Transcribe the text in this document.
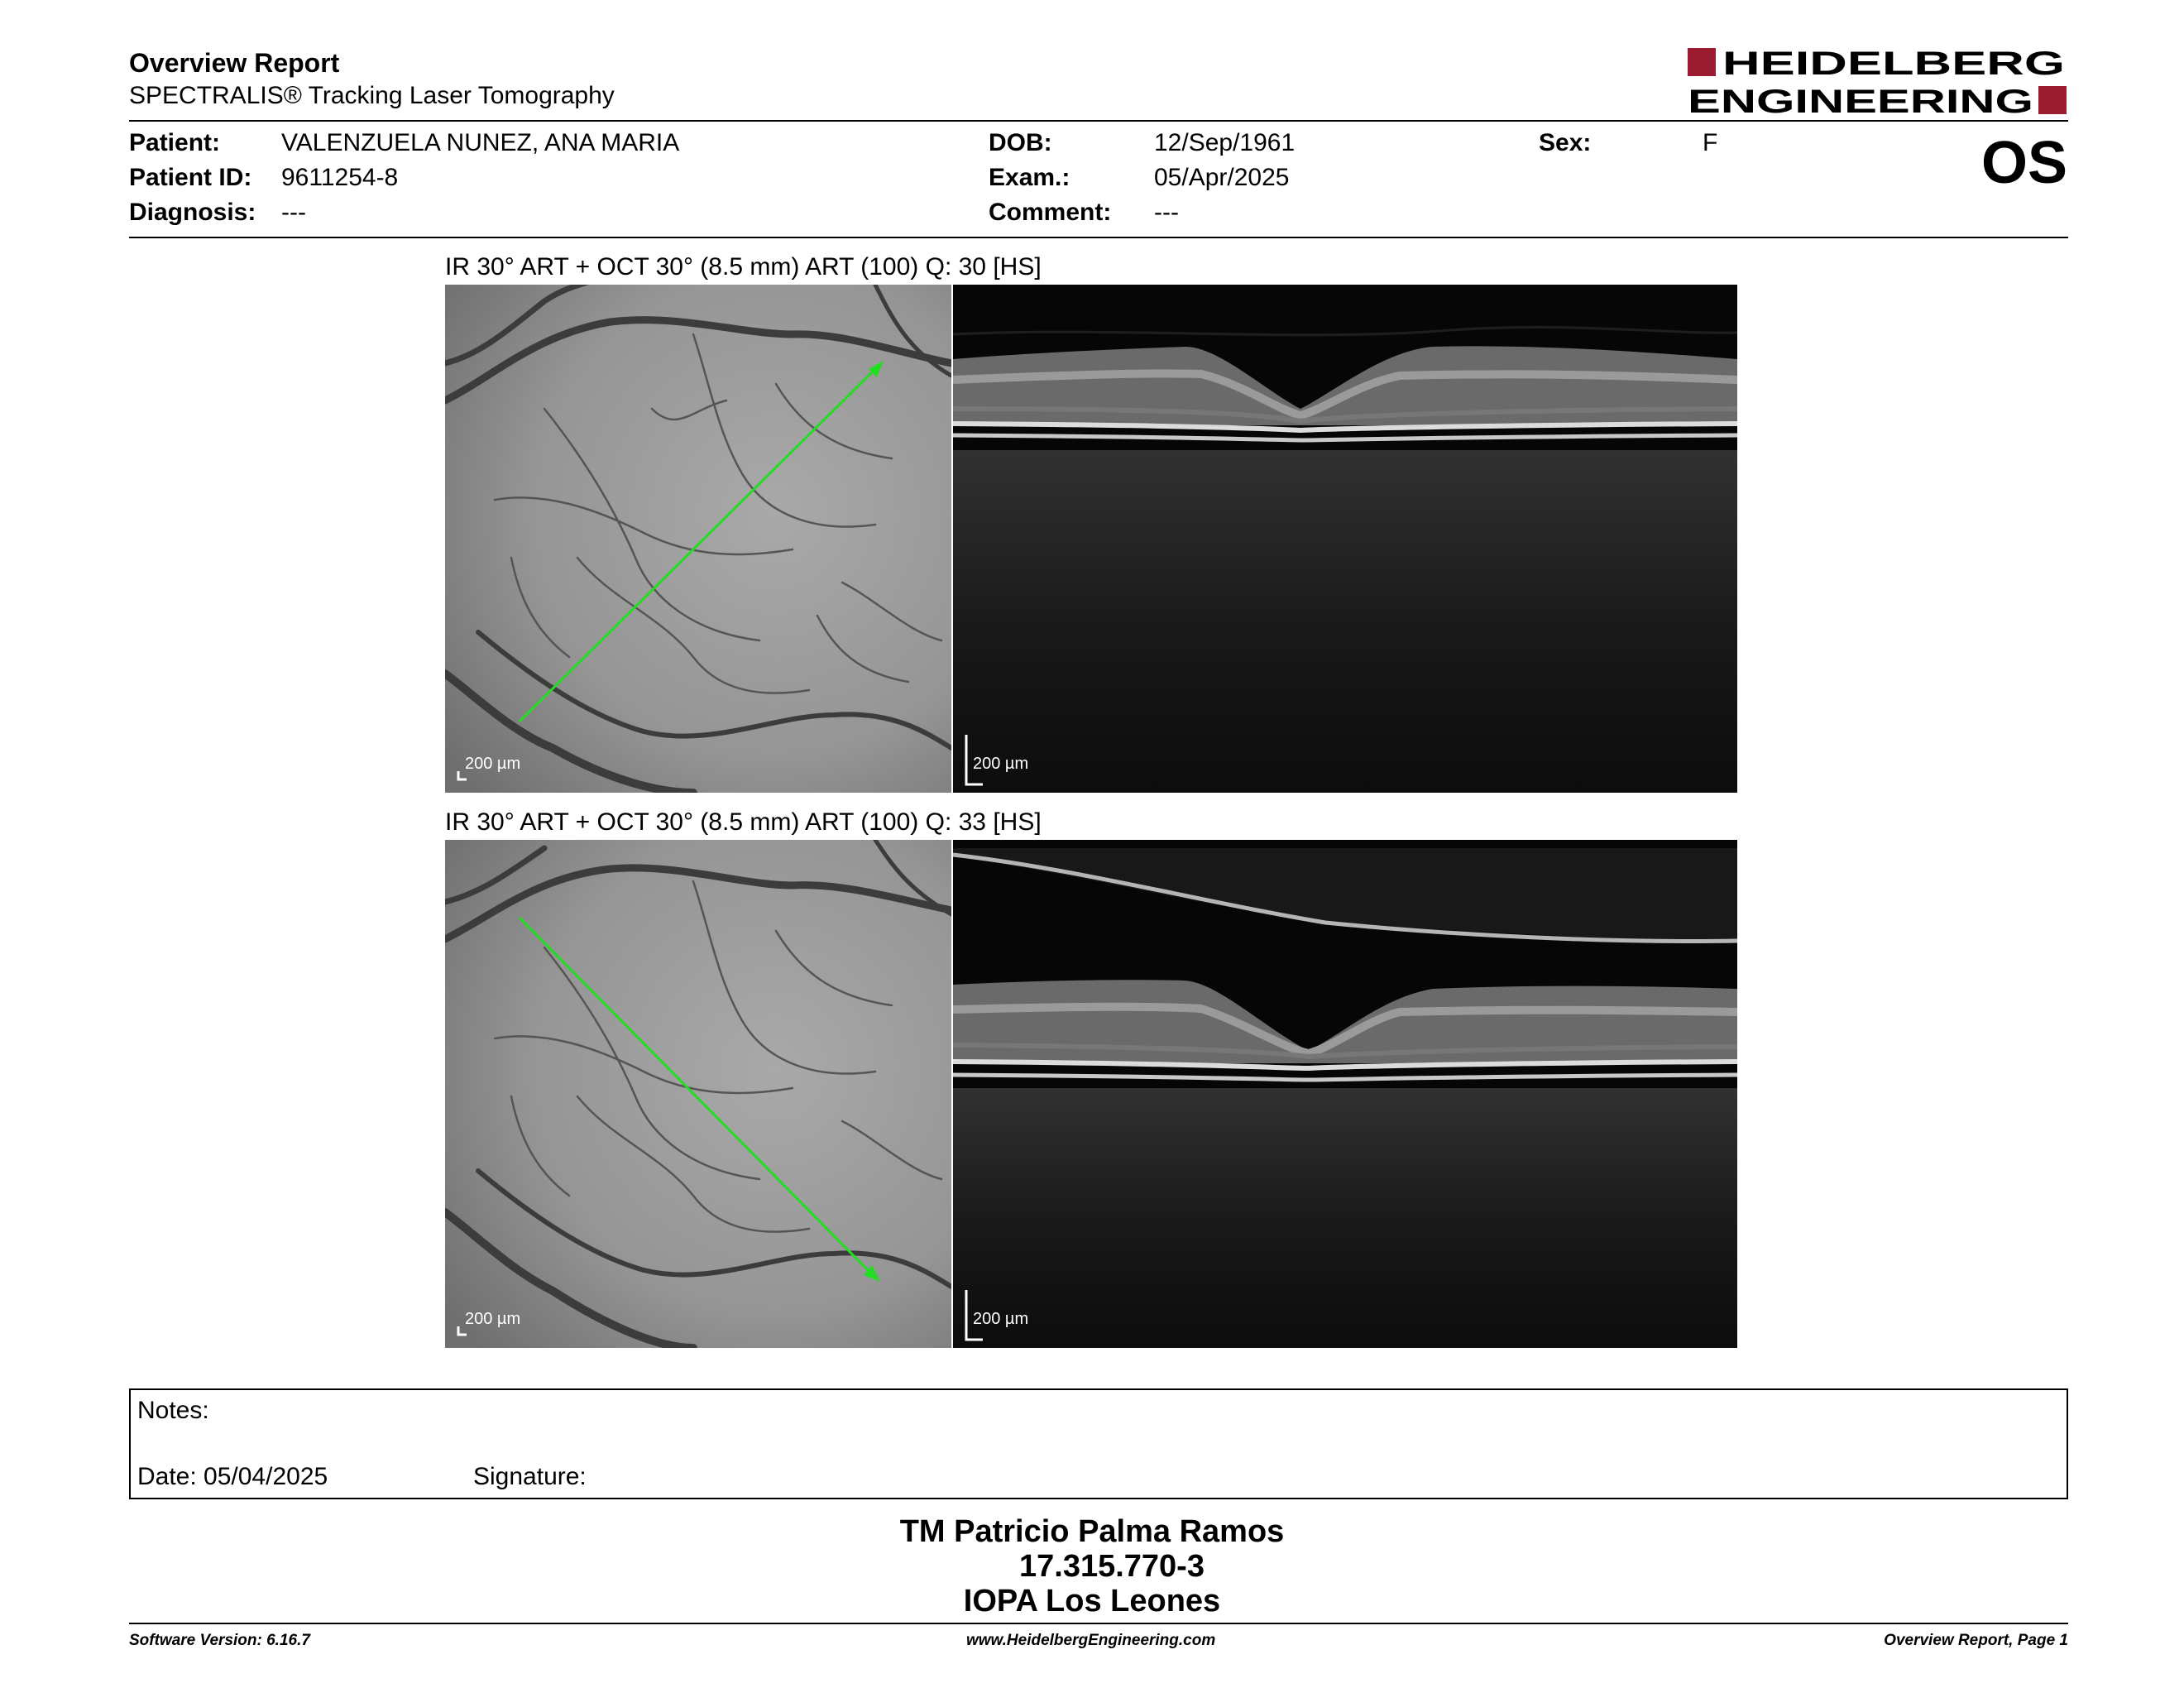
Overview Report
SPECTRALIS® Tracking Laser Tomography
HEIDELBERG
ENGINEERING
Patient: VALENZUELA NUNEZ, ANA MARIA
Patient ID: 9611254-8
Diagnosis: ---
DOB:	12/Sep/1961
Exam.:	05/Apr/2025
Comment: ---
Sex:	F	OS
IR 30° ART + OCT 30° (8.5 mm) ART (100) Q: 30 [HS]
200 µm	200 µm
IR 30° ART + OCT 30° (8.5 mm) ART (100) Q: 33 [HS]
200 µm	200 µm
Notes:
Date: 05/04/2025	Signature:
TM Patricio Palma Ramos
17.315.770-3
IOPA Los Leones
Software Version: 6.16.7	www.HeidelbergEngineering.com	Overview Report, Page 1
